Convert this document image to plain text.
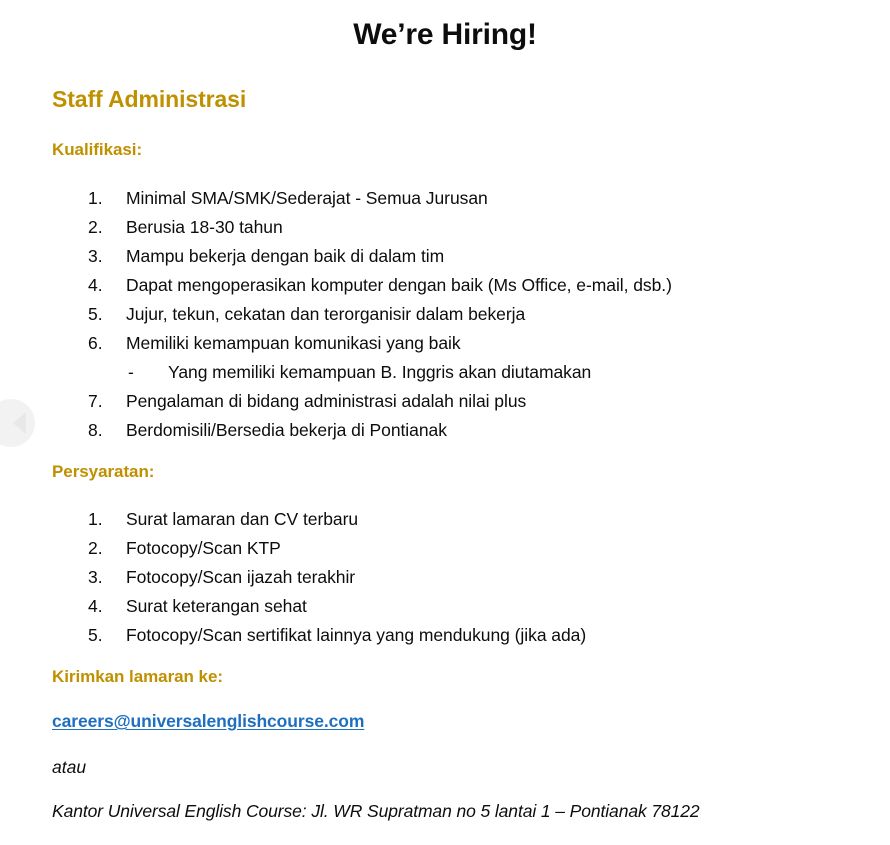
We’re Hiring!
Staff Administrasi
Kualifikasi:
1.	Minimal SMA/SMK/Sederajat - Semua Jurusan
2.	Berusia 18-30 tahun
3.	Mampu bekerja dengan baik di dalam tim
4.	Dapat mengoperasikan komputer dengan baik (Ms Office, e-mail, dsb.)
5.	Jujur, tekun, cekatan dan terorganisir dalam bekerja
6.	Memiliki kemampuan komunikasi yang baik
- Yang memiliki kemampuan B. Inggris akan diutamakan
7.	Pengalaman di bidang administrasi adalah nilai plus
8.	Berdomisili/Bersedia bekerja di Pontianak
Persyaratan:
1.	Surat lamaran dan CV terbaru
2.	Fotocopy/Scan KTP
3.	Fotocopy/Scan ijazah terakhir
4.	Surat keterangan sehat
5.	Fotocopy/Scan sertifikat lainnya yang mendukung (jika ada)
Kirimkan lamaran ke:
careers@universalenglishcourse.com
atau
Kantor Universal English Course: Jl. WR Supratman no 5 lantai 1 – Pontianak 78122
